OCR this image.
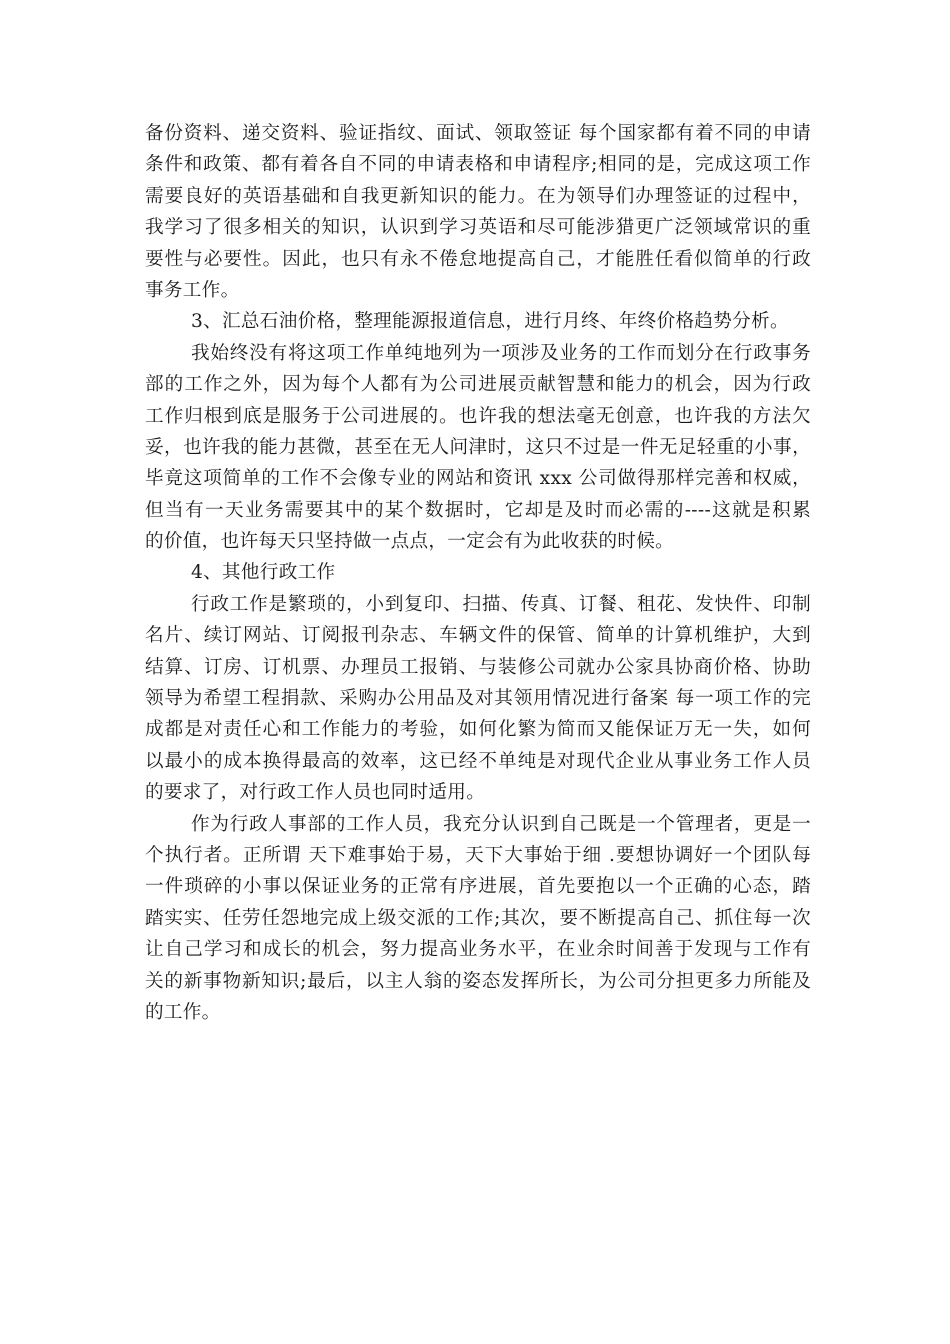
备份资料、递交资料、验证指纹、面试、领取签证 每个国家都有着不同的申请
条件和政策、都有着各自不同的申请表格和申请程序;相同的是，完成这项工作
需要良好的英语基础和自我更新知识的能力。在为领导们办理签证的过程中，
我学习了很多相关的知识，认识到学习英语和尽可能涉猎更广泛领域常识的重
要性与必要性。因此，也只有永不倦怠地提高自己，才能胜任看似简单的行政
事务工作。
3、汇总石油价格，整理能源报道信息，进行月终、年终价格趋势分析。
我始终没有将这项工作单纯地列为一项涉及业务的工作而划分在行政事务
部的工作之外，因为每个人都有为公司进展贡献智慧和能力的机会，因为行政
工作归根到底是服务于公司进展的。也许我的想法毫无创意，也许我的方法欠
妥，也许我的能力甚微，甚至在无人问津时，这只不过是一件无足轻重的小事，
毕竟这项简单的工作不会像专业的网站和资讯 xxx 公司做得那样完善和权威，
但当有一天业务需要其中的某个数据时，它却是及时而必需的----这就是积累
的价值，也许每天只坚持做一点点，一定会有为此收获的时候。
4、其他行政工作
行政工作是繁琐的，小到复印、扫描、传真、订餐、租花、发快件、印制
名片、续订网站、订阅报刊杂志、车辆文件的保管、简单的计算机维护，大到
结算、订房、订机票、办理员工报销、与装修公司就办公家具协商价格、协助
领导为希望工程捐款、采购办公用品及对其领用情况进行备案 每一项工作的完
成都是对责任心和工作能力的考验，如何化繁为简而又能保证万无一失，如何
以最小的成本换得最高的效率，这已经不单纯是对现代企业从事业务工作人员
的要求了，对行政工作人员也同时适用。
作为行政人事部的工作人员，我充分认识到自己既是一个管理者，更是一
个执行者。正所谓 天下难事始于易，天下大事始于细 .要想协调好一个团队每
一件琐碎的小事以保证业务的正常有序进展，首先要抱以一个正确的心态，踏
踏实实、任劳任怨地完成上级交派的工作;其次，要不断提高自己、抓住每一次
让自己学习和成长的机会，努力提高业务水平，在业余时间善于发现与工作有
关的新事物新知识;最后，以主人翁的姿态发挥所长，为公司分担更多力所能及
的工作。
